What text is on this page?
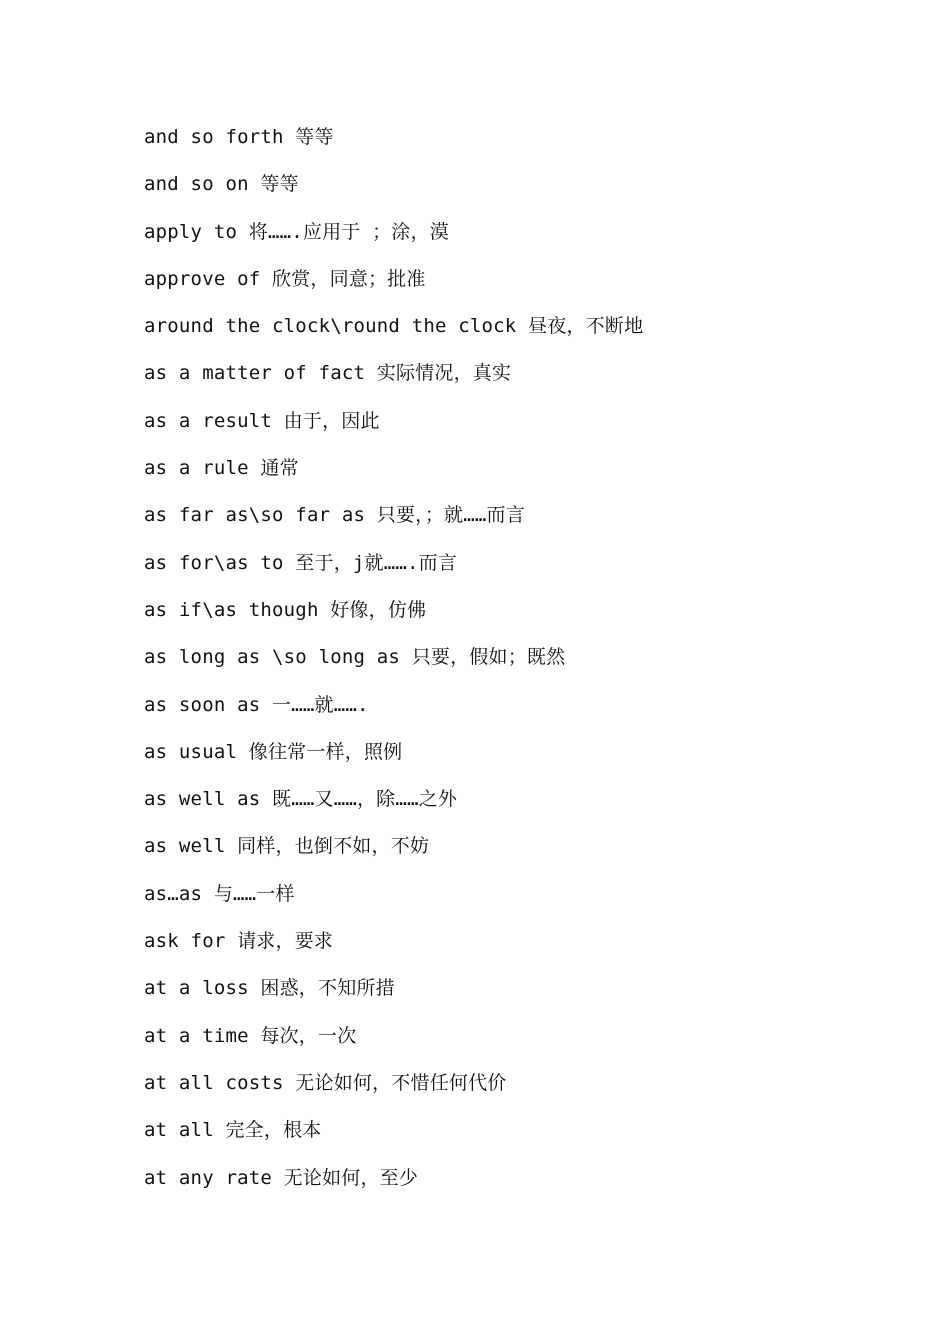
and so forth 等等
and so on 等等
apply to 将…….应用于 ；涂，漠
approve of 欣赏，同意；批准
around the clock\round the clock 昼夜，不断地
as a matter of fact 实际情况，真实
as a result 由于，因此
as a rule 通常
as far as\so far as 只要，；就……而言
as for\as to 至于，j就…….而言
as if\as though 好像，仿佛
as long as \so long as 只要，假如；既然
as soon as 一……就…….
as usual 像往常一样，照例
as well as 既……又……，除……之外
as well 同样，也倒不如，不妨
as…as 与……一样
ask for 请求，要求
at a loss 困惑，不知所措
at a time 每次，一次
at all costs 无论如何，不惜任何代价
at all 完全，根本
at any rate 无论如何，至少
